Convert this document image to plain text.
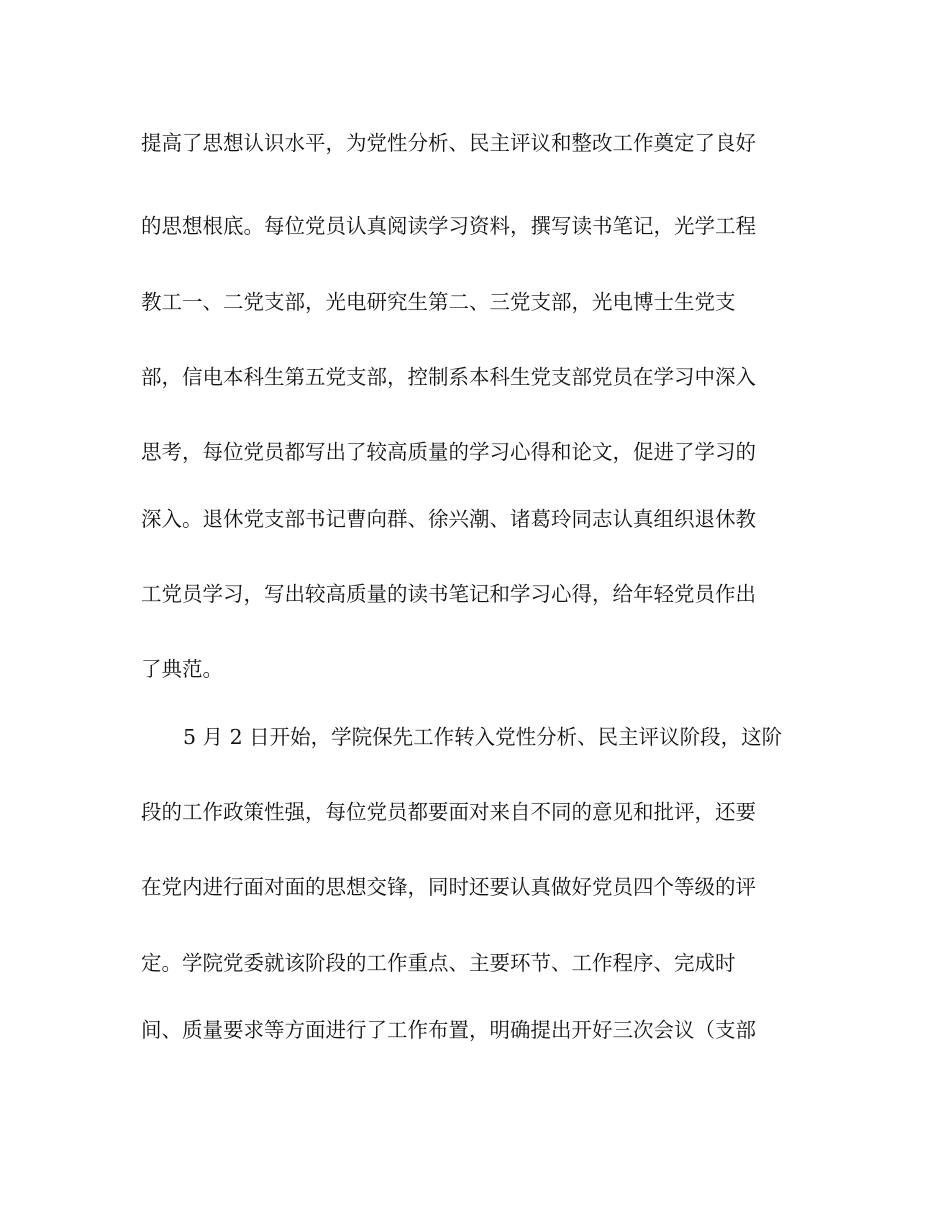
提高了思想认识水平，为党性分析、民主评议和整改工作奠定了良好
的思想根底。每位党员认真阅读学习资料，撰写读书笔记，光学工程
教工一、二党支部，光电研究生第二、三党支部，光电博士生党支
部，信电本科生第五党支部，控制系本科生党支部党员在学习中深入
思考，每位党员都写出了较高质量的学习心得和论文，促进了学习的
深入。退休党支部书记曹向群、徐兴潮、诸葛玲同志认真组织退休教
工党员学习，写出较高质量的读书笔记和学习心得，给年轻党员作出
了典范。
5 月 2 日开始，学院保先工作转入党性分析、民主评议阶段，这阶
段的工作政策性强，每位党员都要面对来自不同的意见和批评，还要
在党内进行面对面的思想交锋，同时还要认真做好党员四个等级的评
定。学院党委就该阶段的工作重点、主要环节、工作程序、完成时
间、质量要求等方面进行了工作布置，明确提出开好三次会议（支部
